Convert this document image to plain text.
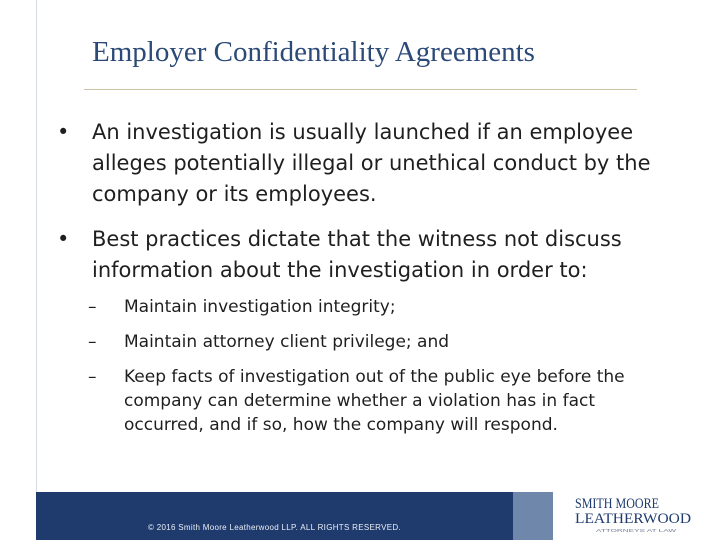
Employer Confidentiality Agreements
• An investigation is usually launched if an employee
alleges potentially illegal or unethical conduct by the
company or its employees.
• Best practices dictate that the witness not discuss
information about the investigation in order to:
– Maintain investigation integrity;
– Maintain attorney client privilege; and
– Keep facts of investigation out of the public eye before the
company can determine whether a violation has in fact
occurred, and if so, how the company will respond.
© 2016 Smith Moore Leatherwood LLP. ALL RIGHTS RESERVED.
SMITH MOORE
LEATHERWOOD
ATTORNEYS AT LAW
